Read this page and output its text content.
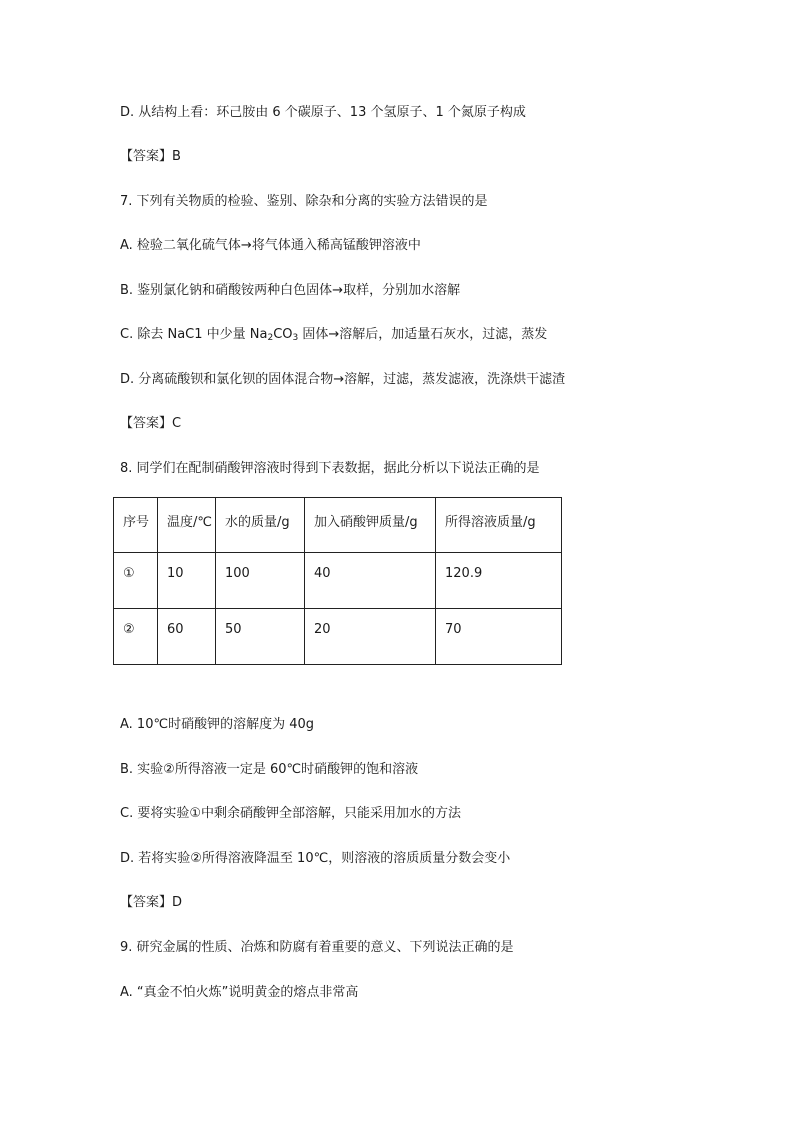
D. 从结构上看：环己胺由 6 个碳原子、13 个氢原子、1 个氮原子构成
【答案】B
7. 下列有关物质的检验、鉴别、除杂和分离的实验方法错误的是
A. 检验二氧化硫气体→将气体通入稀高锰酸钾溶液中
B. 鉴别氯化钠和硝酸铵两种白色固体→取样，分别加水溶解
C. 除去 NaC1 中少量 $Na_2CO_3$ 固体→溶解后，加适量石灰水，过滤，蒸发
D. 分离硫酸钡和氯化钡的固体混合物→溶解，过滤，蒸发滤液，洗涤烘干滤渣
【答案】C
8. 同学们在配制硝酸钾溶液时得到下表数据，据此分析以下说法正确的是
序号	温度/℃	水的质量/g	加入硝酸钾质量/g	所得溶液质量/g
①	10	100	40	120.9
②	60	50	20	70
A. 10℃时硝酸钾的溶解度为 40g
B. 实验②所得溶液一定是 60℃时硝酸钾的饱和溶液
C. 要将实验①中剩余硝酸钾全部溶解，只能采用加水的方法
D. 若将实验②所得溶液降温至 10℃，则溶液的溶质质量分数会变小
【答案】D
9. 研究金属的性质、冶炼和防腐有着重要的意义、下列说法正确的是
A. “真金不怕火炼”说明黄金的熔点非常高
